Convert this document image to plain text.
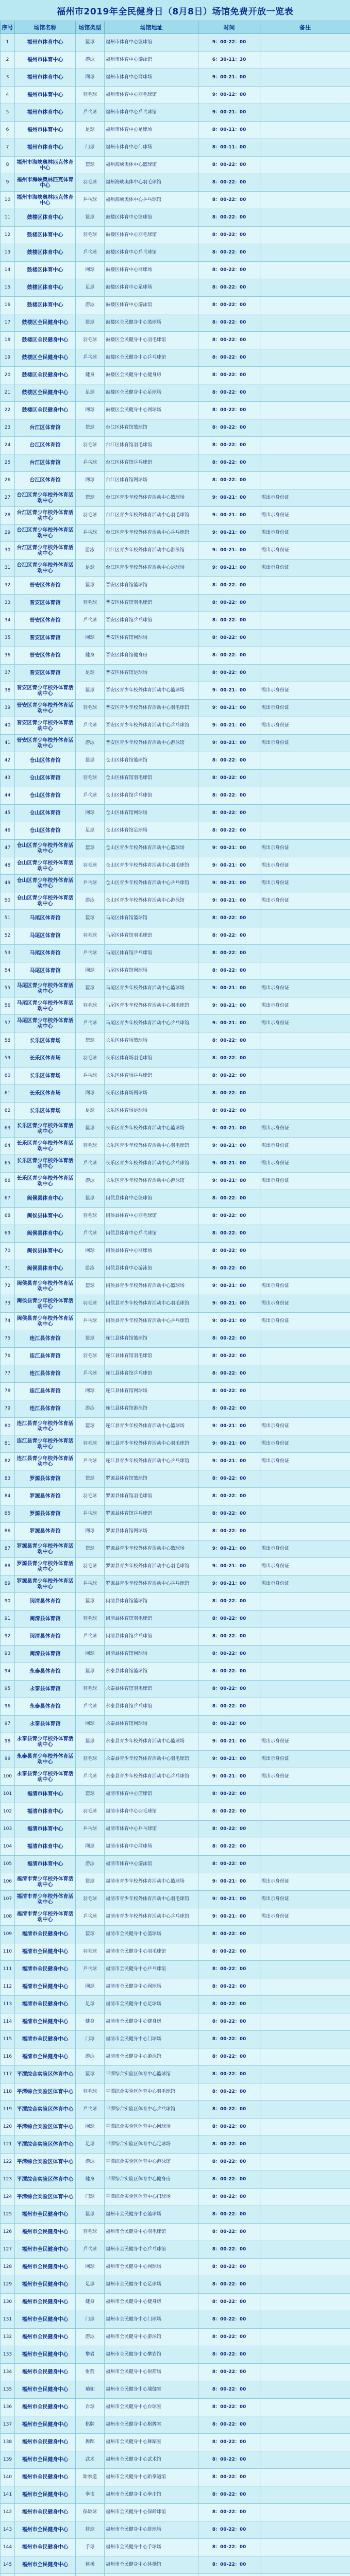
福州市2019年全民健身日（8月8日）场馆免费开放一览表
序号	场馆名称	场馆类型	场馆地址	时间	备注
1	福州市体育中心	篮球	福州市体育中心篮球馆	9：00-22：00	
2	福州市体育中心	游泳	福州市体育中心游泳馆	6：30-11：30	
3	福州市体育中心	网球	福州市体育中心网球场	9：00-21：00	
4	福州市体育中心	羽毛球	福州市体育中心羽毛球馆	9：00-12：00	
5	福州市体育中心	乒乓球	福州市体育中心乒乓球馆	9：00-21：00	
6	福州市体育中心	足球	福州市体育中心足球场	8：00-11：00	
7	福州市体育中心	门球	福州市体育中心门球场	8：00-11：00	
8	福州市海峡奥林匹克体育中心	篮球	福州海峡奥体中心篮球馆	8：00-22：00	
9	福州市海峡奥林匹克体育中心	羽毛球	福州海峡奥体中心羽毛球馆	8：00-22：00	
10	福州市海峡奥林匹克体育中心	乒乓球	福州海峡奥体中心乒乓球馆	8：00-22：00	
11	鼓楼区体育中心	篮球	鼓楼区体育中心篮球馆	8：00-22：00	
12	鼓楼区体育中心	羽毛球	鼓楼区体育中心羽毛球馆	8：00-22：00	
13	鼓楼区体育中心	乒乓球	鼓楼区体育中心乒乓球馆	8：00-22：00	
14	鼓楼区体育中心	网球	鼓楼区体育中心网球场	8：00-22：00	
15	鼓楼区体育中心	足球	鼓楼区体育中心足球场	8：00-22：00	
16	鼓楼区体育中心	游泳	鼓楼区体育中心游泳馆	8：00-22：00	
17	鼓楼区全民健身中心	篮球	鼓楼区全民健身中心篮球场	8：00-22：00	
18	鼓楼区全民健身中心	羽毛球	鼓楼区全民健身中心羽毛球馆	8：00-22：00	
19	鼓楼区全民健身中心	乒乓球	鼓楼区全民健身中心乒乓球馆	8：00-22：00	
20	鼓楼区全民健身中心	健身	鼓楼区全民健身中心健身房	8：00-22：00	
21	鼓楼区全民健身中心	足球	鼓楼区全民健身中心足球场	8：00-22：00	
22	鼓楼区全民健身中心	网球	鼓楼区全民健身中心网球场	8：00-22：00	
23	台江区体育馆	篮球	台江区体育馆篮球馆	8：00-22：00	
24	台江区体育馆	羽毛球	台江区体育馆羽毛球馆	8：00-22：00	
25	台江区体育馆	乒乓球	台江区体育馆乒乓球馆	8：00-22：00	
26	台江区体育馆	网球	台江区体育馆网球场	8：00-22：00	
27	台江区青少年校外体育活动中心	篮球	台江区青少年校外体育活动中心篮球场	9：00-21：00	需出示身份证
28	台江区青少年校外体育活动中心	羽毛球	台江区青少年校外体育活动中心羽毛球馆	9：00-21：00	需出示身份证
29	台江区青少年校外体育活动中心	乒乓球	台江区青少年校外体育活动中心乒乓球馆	9：00-21：00	需出示身份证
30	台江区青少年校外体育活动中心	游泳	台江区青少年校外体育活动中心游泳馆	9：00-21：00	需出示身份证
31	台江区青少年校外体育活动中心	足球	台江区青少年校外体育活动中心足球场	9：00-21：00	需出示身份证
32	晋安区体育馆	篮球	晋安区体育馆篮球馆	8：00-22：00	
33	晋安区体育馆	羽毛球	晋安区体育馆羽毛球馆	8：00-22：00	
34	晋安区体育馆	乒乓球	晋安区体育馆乒乓球馆	8：00-22：00	
35	晋安区体育馆	网球	晋安区体育馆网球场	8：00-22：00	
36	晋安区体育馆	健身	晋安区体育馆健身房	8：00-22：00	
37	晋安区体育馆	足球	晋安区体育馆足球场	8：00-22：00	
38	晋安区青少年校外体育活动中心	篮球	晋安区青少年校外体育活动中心篮球场	9：00-21：00	需出示身份证
39	晋安区青少年校外体育活动中心	羽毛球	晋安区青少年校外体育活动中心羽毛球馆	9：00-21：00	需出示身份证
40	晋安区青少年校外体育活动中心	乒乓球	晋安区青少年校外体育活动中心乒乓球馆	9：00-21：00	需出示身份证
41	晋安区青少年校外体育活动中心	游泳	晋安区青少年校外体育活动中心游泳馆	9：00-21：00	需出示身份证
42	仓山区体育馆	篮球	仓山区体育馆篮球馆	8：00-22：00	
43	仓山区体育馆	羽毛球	仓山区体育馆羽毛球馆	8：00-22：00	
44	仓山区体育馆	乒乓球	仓山区体育馆乒乓球馆	8：00-22：00	
45	仓山区体育馆	网球	仓山区体育馆网球场	8：00-22：00	
46	仓山区体育馆	足球	仓山区体育馆足球场	8：00-22：00	
47	仓山区青少年校外体育活动中心	篮球	仓山区青少年校外体育活动中心篮球场	9：00-21：00	需出示身份证
48	仓山区青少年校外体育活动中心	羽毛球	仓山区青少年校外体育活动中心羽毛球馆	9：00-21：00	需出示身份证
49	仓山区青少年校外体育活动中心	乒乓球	仓山区青少年校外体育活动中心乒乓球馆	9：00-21：00	需出示身份证
50	仓山区青少年校外体育活动中心	游泳	仓山区青少年校外体育活动中心游泳馆	9：00-21：00	需出示身份证
51	马尾区体育馆	篮球	马尾区体育馆篮球馆	8：00-22：00	
52	马尾区体育馆	羽毛球	马尾区体育馆羽毛球馆	8：00-22：00	
53	马尾区体育馆	乒乓球	马尾区体育馆乒乓球馆	8：00-22：00	
54	马尾区体育馆	网球	马尾区体育馆网球场	8：00-22：00	
55	马尾区青少年校外体育活动中心	篮球	马尾区青少年校外体育活动中心篮球场	9：00-21：00	需出示身份证
56	马尾区青少年校外体育活动中心	羽毛球	马尾区青少年校外体育活动中心羽毛球馆	9：00-21：00	需出示身份证
57	马尾区青少年校外体育活动中心	乒乓球	马尾区青少年校外体育活动中心乒乓球馆	9：00-21：00	需出示身份证
58	长乐区体育场	篮球	长乐区体育场篮球场	8：00-22：00	
59	长乐区体育场	羽毛球	长乐区体育场羽毛球馆	8：00-22：00	
60	长乐区体育场	乒乓球	长乐区体育场乒乓球馆	8：00-22：00	
61	长乐区体育场	网球	长乐区体育场网球场	8：00-22：00	
62	长乐区体育场	足球	长乐区体育场足球场	8：00-22：00	
63	长乐区青少年校外体育活动中心	篮球	长乐区青少年校外体育活动中心篮球场	9：00-21：00	需出示身份证
64	长乐区青少年校外体育活动中心	羽毛球	长乐区青少年校外体育活动中心羽毛球馆	9：00-21：00	需出示身份证
65	长乐区青少年校外体育活动中心	乒乓球	长乐区青少年校外体育活动中心乒乓球馆	9：00-21：00	需出示身份证
66	长乐区青少年校外体育活动中心	游泳	长乐区青少年校外体育活动中心游泳馆	9：00-21：00	需出示身份证
67	闽侯县体育中心	篮球	闽侯县体育中心篮球馆	8：00-22：00	
68	闽侯县体育中心	羽毛球	闽侯县体育中心羽毛球馆	8：00-22：00	
69	闽侯县体育中心	乒乓球	闽侯县体育中心乒乓球馆	8：00-22：00	
70	闽侯县体育中心	网球	闽侯县体育中心网球场	8：00-22：00	
71	闽侯县体育中心	游泳	闽侯县体育中心游泳馆	8：00-22：00	
72	闽侯县青少年校外体育活动中心	篮球	闽侯县青少年校外体育活动中心篮球场	9：00-21：00	需出示身份证
73	闽侯县青少年校外体育活动中心	羽毛球	闽侯县青少年校外体育活动中心羽毛球馆	9：00-21：00	需出示身份证
74	闽侯县青少年校外体育活动中心	乒乓球	闽侯县青少年校外体育活动中心乒乓球馆	9：00-21：00	需出示身份证
75	连江县体育馆	篮球	连江县体育馆篮球馆	8：00-22：00	
76	连江县体育馆	羽毛球	连江县体育馆羽毛球馆	8：00-22：00	
77	连江县体育馆	乒乓球	连江县体育馆乒乓球馆	8：00-22：00	
78	连江县体育馆	网球	连江县体育馆网球场	8：00-22：00	
79	连江县体育馆	游泳	连江县体育馆游泳馆	8：00-22：00	
80	连江县青少年校外体育活动中心	篮球	连江县青少年校外体育活动中心篮球场	9：00-21：00	需出示身份证
81	连江县青少年校外体育活动中心	羽毛球	连江县青少年校外体育活动中心羽毛球馆	9：00-21：00	需出示身份证
82	连江县青少年校外体育活动中心	乒乓球	连江县青少年校外体育活动中心乒乓球馆	9：00-21：00	需出示身份证
83	罗源县体育馆	篮球	罗源县体育馆篮球馆	8：00-22：00	
84	罗源县体育馆	羽毛球	罗源县体育馆羽毛球馆	8：00-22：00	
85	罗源县体育馆	乒乓球	罗源县体育馆乒乓球馆	8：00-22：00	
86	罗源县体育馆	网球	罗源县体育馆网球场	8：00-22：00	
87	罗源县青少年校外体育活动中心	篮球	罗源县青少年校外体育活动中心篮球场	9：00-21：00	需出示身份证
88	罗源县青少年校外体育活动中心	羽毛球	罗源县青少年校外体育活动中心羽毛球馆	9：00-21：00	需出示身份证
89	罗源县青少年校外体育活动中心	乒乓球	罗源县青少年校外体育活动中心乒乓球馆	9：00-21：00	需出示身份证
90	闽清县体育馆	篮球	闽清县体育馆篮球馆	8：00-22：00	
91	闽清县体育馆	羽毛球	闽清县体育馆羽毛球馆	8：00-22：00	
92	闽清县体育馆	乒乓球	闽清县体育馆乒乓球馆	8：00-22：00	
93	闽清县体育馆	网球	闽清县体育馆网球场	8：00-22：00	
94	永泰县体育馆	篮球	永泰县体育馆篮球馆	8：00-22：00	
95	永泰县体育馆	羽毛球	永泰县体育馆羽毛球馆	8：00-22：00	
96	永泰县体育馆	乒乓球	永泰县体育馆乒乓球馆	8：00-22：00	
97	永泰县体育馆	网球	永泰县体育馆网球场	8：00-22：00	
98	永泰县青少年校外体育活动中心	篮球	永泰县青少年校外体育活动中心篮球场	9：00-21：00	需出示身份证
99	永泰县青少年校外体育活动中心	羽毛球	永泰县青少年校外体育活动中心羽毛球馆	9：00-21：00	需出示身份证
100	永泰县青少年校外体育活动中心	乒乓球	永泰县青少年校外体育活动中心乒乓球馆	9：00-21：00	需出示身份证
101	福清市体育中心	篮球	福清市体育中心篮球馆	8：00-22：00	
102	福清市体育中心	羽毛球	福清市体育中心羽毛球馆	8：00-22：00	
103	福清市体育中心	乒乓球	福清市体育中心乒乓球馆	8：00-22：00	
104	福清市体育中心	网球	福清市体育中心网球场	8：00-22：00	
105	福清市体育中心	游泳	福清市体育中心游泳馆	8：00-22：00	
106	福清市青少年校外体育活动中心	篮球	福清市青少年校外体育活动中心篮球场	9：00-21：00	需出示身份证
107	福清市青少年校外体育活动中心	羽毛球	福清市青少年校外体育活动中心羽毛球馆	9：00-21：00	需出示身份证
108	福清市青少年校外体育活动中心	乒乓球	福清市青少年校外体育活动中心乒乓球馆	9：00-21：00	需出示身份证
109	福清市全民健身中心	篮球	福清市全民健身中心篮球场	8：00-22：00	
110	福清市全民健身中心	羽毛球	福清市全民健身中心羽毛球馆	8：00-22：00	
111	福清市全民健身中心	乒乓球	福清市全民健身中心乒乓球馆	8：00-22：00	
112	福清市全民健身中心	网球	福清市全民健身中心网球场	8：00-22：00	
113	福清市全民健身中心	足球	福清市全民健身中心足球场	8：00-22：00	
114	福清市全民健身中心	健身	福清市全民健身中心健身房	8：00-22：00	
115	福清市全民健身中心	门球	福清市全民健身中心门球场	8：00-22：00	
116	福清市全民健身中心	游泳	福清市全民健身中心游泳馆	8：00-22：00	
117	平潭综合实验区体育中心	篮球	平潭综合实验区体育中心篮球馆	8：00-22：00	
118	平潭综合实验区体育中心	羽毛球	平潭综合实验区体育中心羽毛球馆	8：00-22：00	
119	平潭综合实验区体育中心	乒乓球	平潭综合实验区体育中心乒乓球馆	8：00-22：00	
120	平潭综合实验区体育中心	网球	平潭综合实验区体育中心网球场	8：00-22：00	
121	平潭综合实验区体育中心	足球	平潭综合实验区体育中心足球场	8：00-22：00	
122	平潭综合实验区体育中心	游泳	平潭综合实验区体育中心游泳馆	8：00-22：00	
123	平潭综合实验区体育中心	健身	平潭综合实验区体育中心健身房	8：00-22：00	
124	平潭综合实验区体育中心	门球	平潭综合实验区体育中心门球场	8：00-22：00	
125	福州市全民健身中心	篮球	福州市全民健身中心篮球场	8：00-22：00	
126	福州市全民健身中心	羽毛球	福州市全民健身中心羽毛球馆	8：00-22：00	
127	福州市全民健身中心	乒乓球	福州市全民健身中心乒乓球馆	8：00-22：00	
128	福州市全民健身中心	网球	福州市全民健身中心网球场	8：00-22：00	
129	福州市全民健身中心	足球	福州市全民健身中心足球场	8：00-22：00	
130	福州市全民健身中心	健身	福州市全民健身中心健身房	8：00-22：00	
131	福州市全民健身中心	门球	福州市全民健身中心门球场	8：00-22：00	
132	福州市全民健身中心	游泳	福州市全民健身中心游泳馆	8：00-22：00	
133	福州市全民健身中心	攀岩	福州市全民健身中心攀岩馆	8：00-22：00	
134	福州市全民健身中心	射箭	福州市全民健身中心射箭场	8：00-22：00	
135	福州市全民健身中心	瑜伽	福州市全民健身中心瑜伽室	8：00-22：00	
136	福州市全民健身中心	台球	福州市全民健身中心台球室	8：00-22：00	
137	福州市全民健身中心	棋牌	福州市全民健身中心棋牌室	8：00-22：00	
138	福州市全民健身中心	舞蹈	福州市全民健身中心舞蹈室	8：00-22：00	
139	福州市全民健身中心	武术	福州市全民健身中心武术馆	8：00-22：00	
140	福州市全民健身中心	跆拳道	福州市全民健身中心跆拳道馆	8：00-22：00	
141	福州市全民健身中心	拳击	福州市全民健身中心拳击馆	8：00-22：00	
142	福州市全民健身中心	保龄球	福州市全民健身中心保龄球馆	8：00-22：00	
143	福州市全民健身中心	排球	福州市全民健身中心排球场	8：00-22：00	
144	福州市全民健身中心	手球	福州市全民健身中心手球场	8：00-22：00	
145	福州市全民健身中心	体操	福州市全民健身中心体操馆	8：00-22：00	
